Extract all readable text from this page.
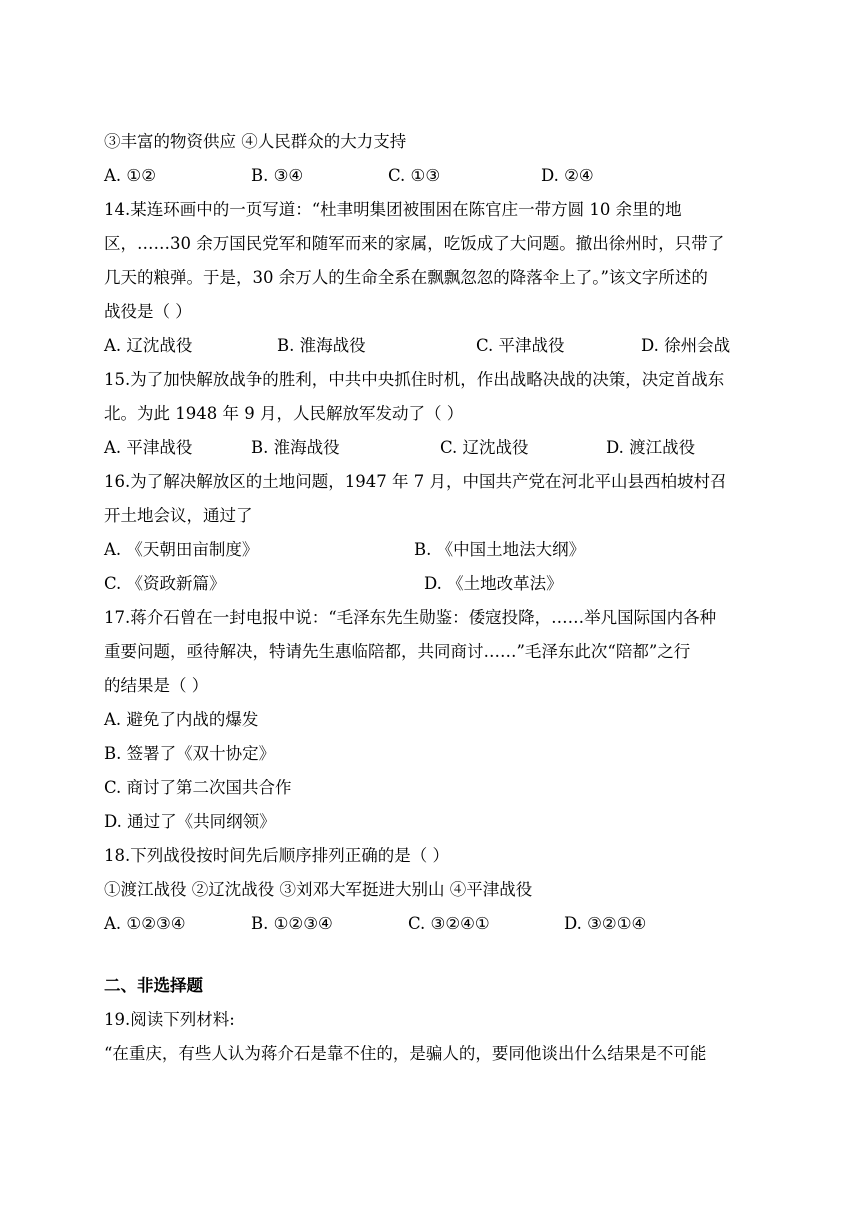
③丰富的物资供应 ④人民群众的大力支持
A. ①②	B. ③④	C. ①③	D. ②④
14.某连环画中的一页写道：“杜聿明集团被围困在陈官庄一带方圆 10 余里的地
区，……30 余万国民党军和随军而来的家属，吃饭成了大问题。撤出徐州时，只带了
几天的粮弹。于是，30 余万人的生命全系在飘飘忽忽的降落伞上了。”该文字所述的
战役是（ ）
A. 辽沈战役	B. 淮海战役	C. 平津战役	D. 徐州会战
15.为了加快解放战争的胜利，中共中央抓住时机，作出战略决战的决策，决定首战东
北。为此 1948 年 9 月，人民解放军发动了（ ）
A. 平津战役	B. 淮海战役	C. 辽沈战役	D. 渡江战役
16.为了解决解放区的土地问题，1947 年 7 月，中国共产党在河北平山县西柏坡村召
开土地会议，通过了
A. 《天朝田亩制度》	B. 《中国土地法大纲》
C. 《资政新篇》	D. 《土地改革法》
17.蒋介石曾在一封电报中说：“毛泽东先生勋鉴：倭寇投降，……举凡国际国内各种
重要问题，亟待解决，特请先生惠临陪都，共同商讨……”毛泽东此次“陪都”之行
的结果是（ ）
A. 避免了内战的爆发
B. 签署了《双十协定》
C. 商讨了第二次国共合作
D. 通过了《共同纲领》
18.下列战役按时间先后顺序排列正确的是（ ）
①渡江战役 ②辽沈战役 ③刘邓大军挺进大别山 ④平津战役
A. ①②③④	B. ①②③④	C. ③②④①	D. ③②①④
二、非选择题
19.阅读下列材料:
“在重庆，有些人认为蒋介石是靠不住的，是骗人的，要同他谈出什么结果是不可能
